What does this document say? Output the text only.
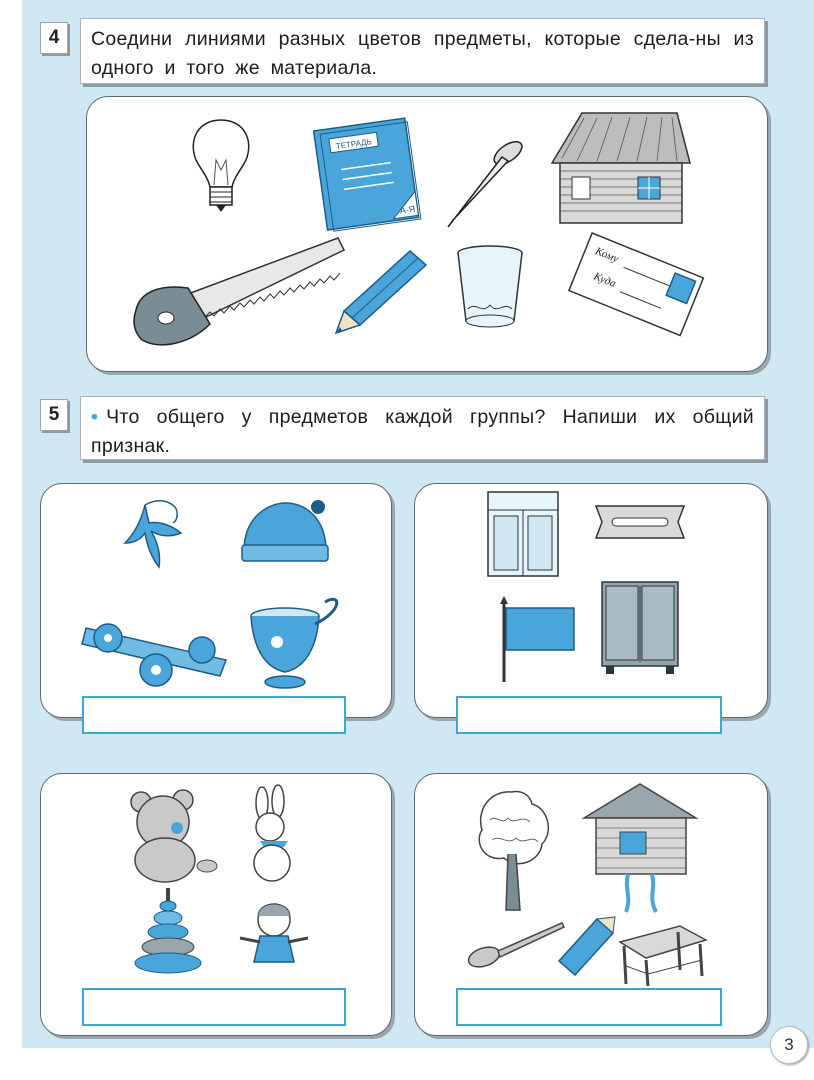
4	Соедини линиями разных цветов предметы, которые сдела-ны из одного и того же материала.
ТЕТРАДЬ
А-Я
Кому
Куда
5	• Что общего у предметов каждой группы? Напиши их общий признак.
3
